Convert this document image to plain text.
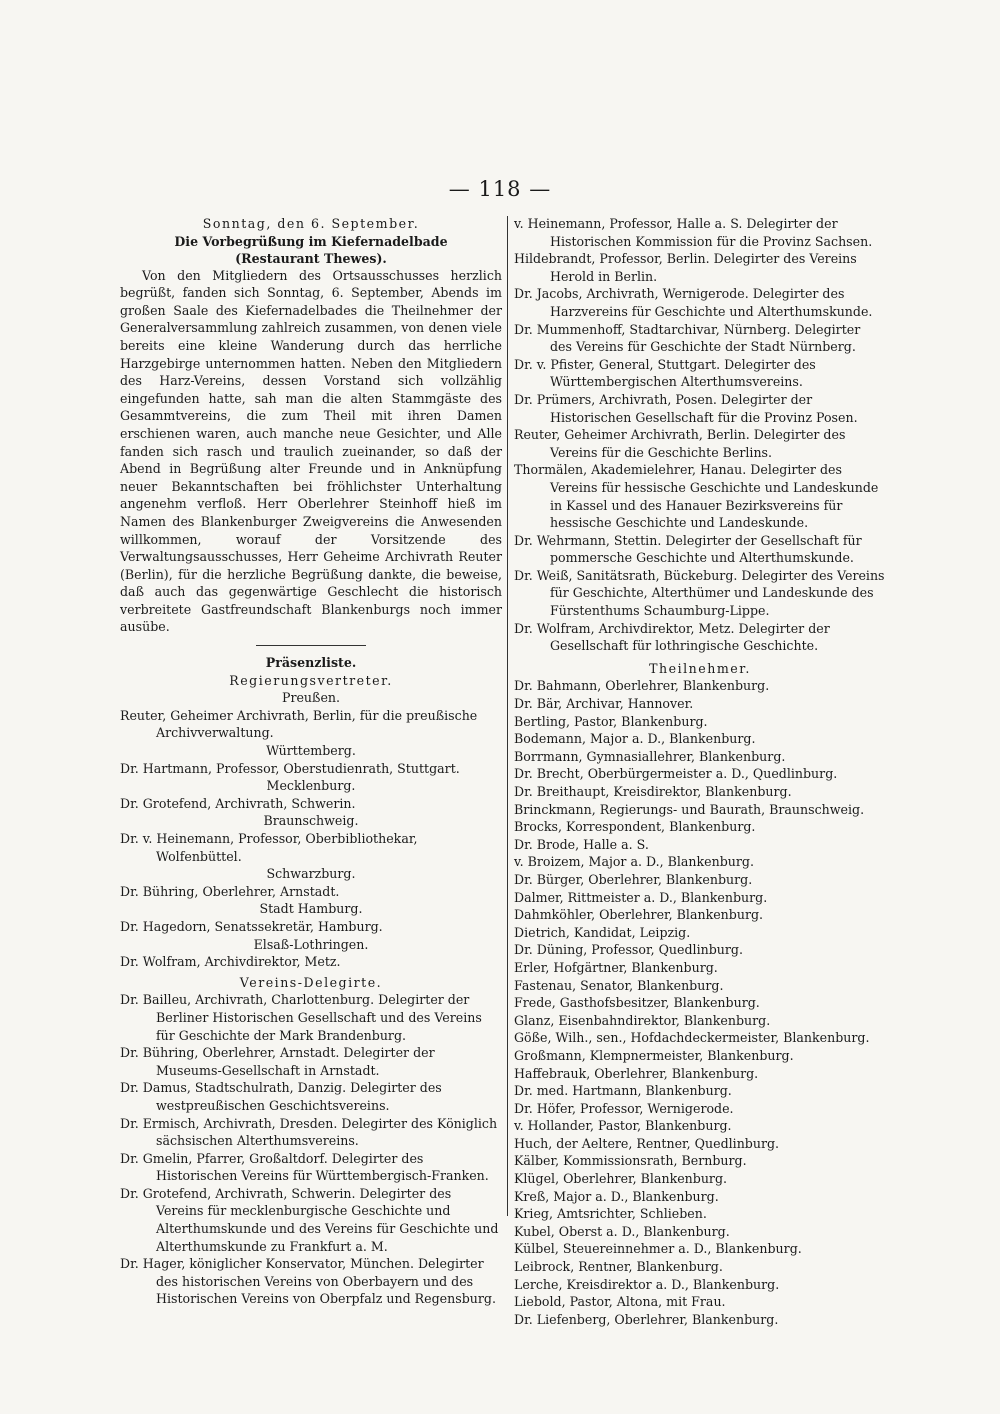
— 118 —

Sonntag, den 6. September.

Die Vorbegrüßung im Kiefernadelbade (Restaurant Thewes).

Von den Mitgliedern des Ortsausschusses herzlich begrüßt, fanden sich Sonntag, 6. September, Abends im großen Saale des Kiefernadelbades die Theilnehmer der Generalversammlung zahlreich zusammen, von denen viele bereits eine kleine Wanderung durch das herrliche Harzgebirge unternommen hatten. Neben den Mitgliedern des Harz-Vereins, dessen Vorstand sich vollzählig eingefunden hatte, sah man die alten Stammgäste des Gesammtvereins, die zum Theil mit ihren Damen erschienen waren, auch manche neue Gesichter, und Alle fanden sich rasch und traulich zueinander, so daß der Abend in Begrüßung alter Freunde und in Anknüpfung neuer Bekanntschaften bei fröhlichster Unterhaltung angenehm verfloß. Herr Oberlehrer Steinhoff hieß im Namen des Blankenburger Zweigvereins die Anwesenden willkommen, worauf der Vorsitzende des Verwaltungsausschusses, Herr Geheime Archivrath Reuter (Berlin), für die herzliche Begrüßung dankte, die beweise, daß auch das gegenwärtige Geschlecht die historisch verbreitete Gastfreundschaft Blankenburgs noch immer ausübe.

Präsenzliste.

Regierungsvertreter.

Preußen.

Reuter, Geheimer Archivrath, Berlin, für die preußische Archivverwaltung.

Württemberg.

Dr. Hartmann, Professor, Oberstudienrath, Stuttgart.

Mecklenburg.

Dr. Grotefend, Archivrath, Schwerin.

Braunschweig.

Dr. v. Heinemann, Professor, Oberbibliothekar, Wolfenbüttel.

Schwarzburg.

Dr. Bühring, Oberlehrer, Arnstadt.

Stadt Hamburg.

Dr. Hagedorn, Senatssekretär, Hamburg.

Elsaß-Lothringen.

Dr. Wolfram, Archivdirektor, Metz.

Vereins-Delegirte.

Dr. Bailleu, Archivrath, Charlottenburg. Delegirter der Berliner Historischen Gesellschaft und des Vereins für Geschichte der Mark Brandenburg.

Dr. Bühring, Oberlehrer, Arnstadt. Delegirter der Museums-Gesellschaft in Arnstadt.

Dr. Damus, Stadtschulrath, Danzig. Delegirter des westpreußischen Geschichtsvereins.

Dr. Ermisch, Archivrath, Dresden. Delegirter des Königlich sächsischen Alterthumsvereins.

Dr. Gmelin, Pfarrer, Großaltdorf. Delegirter des Historischen Vereins für Württembergisch-Franken.

Dr. Grotefend, Archivrath, Schwerin. Delegirter des Vereins für mecklenburgische Geschichte und Alterthumskunde und des Vereins für Geschichte und Alterthumskunde zu Frankfurt a. M.

Dr. Hager, königlicher Konservator, München. Delegirter des historischen Vereins von Oberbayern und des Historischen Vereins von Oberpfalz und Regensburg.

v. Heinemann, Professor, Halle a. S. Delegirter der Historischen Kommission für die Provinz Sachsen.

Hildebrandt, Professor, Berlin. Delegirter des Vereins Herold in Berlin.

Dr. Jacobs, Archivrath, Wernigerode. Delegirter des Harzvereins für Geschichte und Alterthumskunde.

Dr. Mummenhoff, Stadtarchivar, Nürnberg. Delegirter des Vereins für Geschichte der Stadt Nürnberg.

Dr. v. Pfister, General, Stuttgart. Delegirter des Württembergischen Alterthumsvereins.

Dr. Prümers, Archivrath, Posen. Delegirter der Historischen Gesellschaft für die Provinz Posen.

Reuter, Geheimer Archivrath, Berlin. Delegirter des Vereins für die Geschichte Berlins.

Thormälen, Akademielehrer, Hanau. Delegirter des Vereins für hessische Geschichte und Landeskunde in Kassel und des Hanauer Bezirksvereins für hessische Geschichte und Landeskunde.

Dr. Wehrmann, Stettin. Delegirter der Gesellschaft für pommersche Geschichte und Alterthumskunde.

Dr. Weiß, Sanitätsrath, Bückeburg. Delegirter des Vereins für Geschichte, Alterthümer und Landeskunde des Fürstenthums Schaumburg-Lippe.

Dr. Wolfram, Archivdirektor, Metz. Delegirter der Gesellschaft für lothringische Geschichte.

Theilnehmer.

Dr. Bahmann, Oberlehrer, Blankenburg.

Dr. Bär, Archivar, Hannover.

Bertling, Pastor, Blankenburg.

Bodemann, Major a. D., Blankenburg.

Borrmann, Gymnasiallehrer, Blankenburg.

Dr. Brecht, Oberbürgermeister a. D., Quedlinburg.

Dr. Breithaupt, Kreisdirektor, Blankenburg.

Brinckmann, Regierungs- und Baurath, Braunschweig.

Brocks, Korrespondent, Blankenburg.

Dr. Brode, Halle a. S.

v. Broizem, Major a. D., Blankenburg.

Dr. Bürger, Oberlehrer, Blankenburg.

Dalmer, Rittmeister a. D., Blankenburg.

Dahmköhler, Oberlehrer, Blankenburg.

Dietrich, Kandidat, Leipzig.

Dr. Düning, Professor, Quedlinburg.

Erler, Hofgärtner, Blankenburg.

Fastenau, Senator, Blankenburg.

Frede, Gasthofsbesitzer, Blankenburg.

Glanz, Eisenbahndirektor, Blankenburg.

Göße, Wilh., sen., Hofdachdeckermeister, Blankenburg.

Großmann, Klempnermeister, Blankenburg.

Haffebrauk, Oberlehrer, Blankenburg.

Dr. med. Hartmann, Blankenburg.

Dr. Höfer, Professor, Wernigerode.

v. Hollander, Pastor, Blankenburg.

Huch, der Aeltere, Rentner, Quedlinburg.

Kälber, Kommissionsrath, Bernburg.

Klügel, Oberlehrer, Blankenburg.

Kreß, Major a. D., Blankenburg.

Krieg, Amtsrichter, Schlieben.

Kubel, Oberst a. D., Blankenburg.

Külbel, Steuereinnehmer a. D., Blankenburg.

Leibrock, Rentner, Blankenburg.

Lerche, Kreisdirektor a. D., Blankenburg.

Liebold, Pastor, Altona, mit Frau.

Dr. Liefenberg, Oberlehrer, Blankenburg.
